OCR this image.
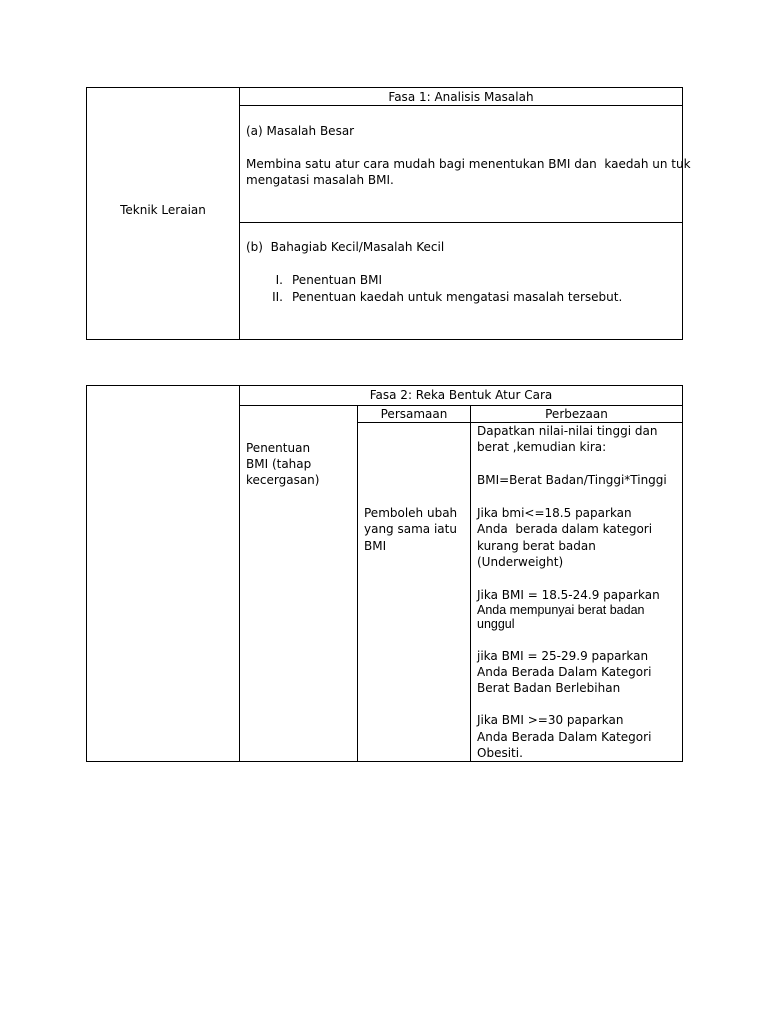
Fasa 1: Analisis Masalah
Teknik Leraian
(a) Masalah Besar
Membina satu atur cara mudah bagi menentukan BMI dan  kaedah un tuk
mengatasi masalah BMI.
(b)  Bahagiab Kecil/Masalah Kecil
I. Penentuan BMI
II. Penentuan kaedah untuk mengatasi masalah tersebut.
Fasa 2: Reka Bentuk Atur Cara
Persamaan	Perbezaan
Penentuan
BMI (tahap
kecergasan)
Pemboleh ubah
yang sama iatu
BMI
Dapatkan nilai-nilai tinggi dan
berat ,kemudian kira:
BMI=Berat Badan/Tinggi*Tinggi
Jika bmi<=18.5 paparkan
Anda  berada dalam kategori
kurang berat badan
(Underweight)
Jika BMI = 18.5-24.9 paparkan
Anda mempunyai berat badan
unggul
jika BMI = 25-29.9 paparkan
Anda Berada Dalam Kategori
Berat Badan Berlebihan
Jika BMI >=30 paparkan
Anda Berada Dalam Kategori
Obesiti.
